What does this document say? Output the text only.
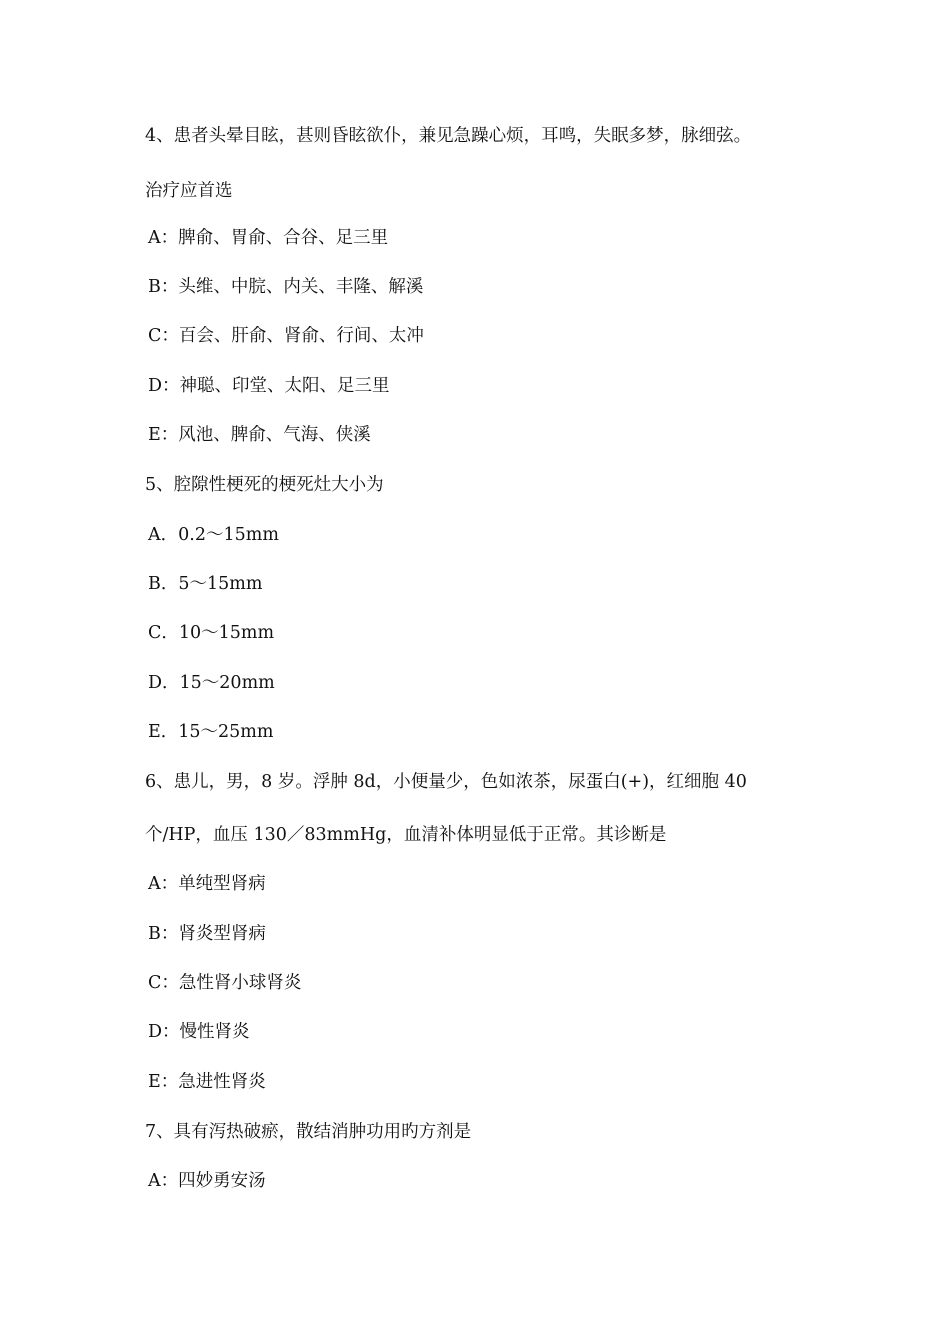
4、患者头晕目眩，甚则昏眩欲仆，兼见急躁心烦，耳鸣，失眠多梦，脉细弦。
治疗应首选
A：脾俞、胃俞、合谷、足三里
B：头维、中脘、内关、丰隆、解溪
C：百会、肝俞、肾俞、行间、太冲
D：神聪、印堂、太阳、足三里
E：风池、脾俞、气海、侠溪
5、腔隙性梗死的梗死灶大小为
A．0.2～15mm
B．5～15mm
C．10～15mm
D．15～20mm
E．15～25mm
6、患儿，男，8 岁。浮肿 8d，小便量少，色如浓茶，尿蛋白(+)，红细胞 40
个/HP，血压 130／83mmHg，血清补体明显低于正常。其诊断是
A：单纯型肾病
B：肾炎型肾病
C：急性肾小球肾炎
D：慢性肾炎
E：急进性肾炎
7、具有泻热破瘀，散结消肿功用旳方剂是
A：四妙勇安汤
